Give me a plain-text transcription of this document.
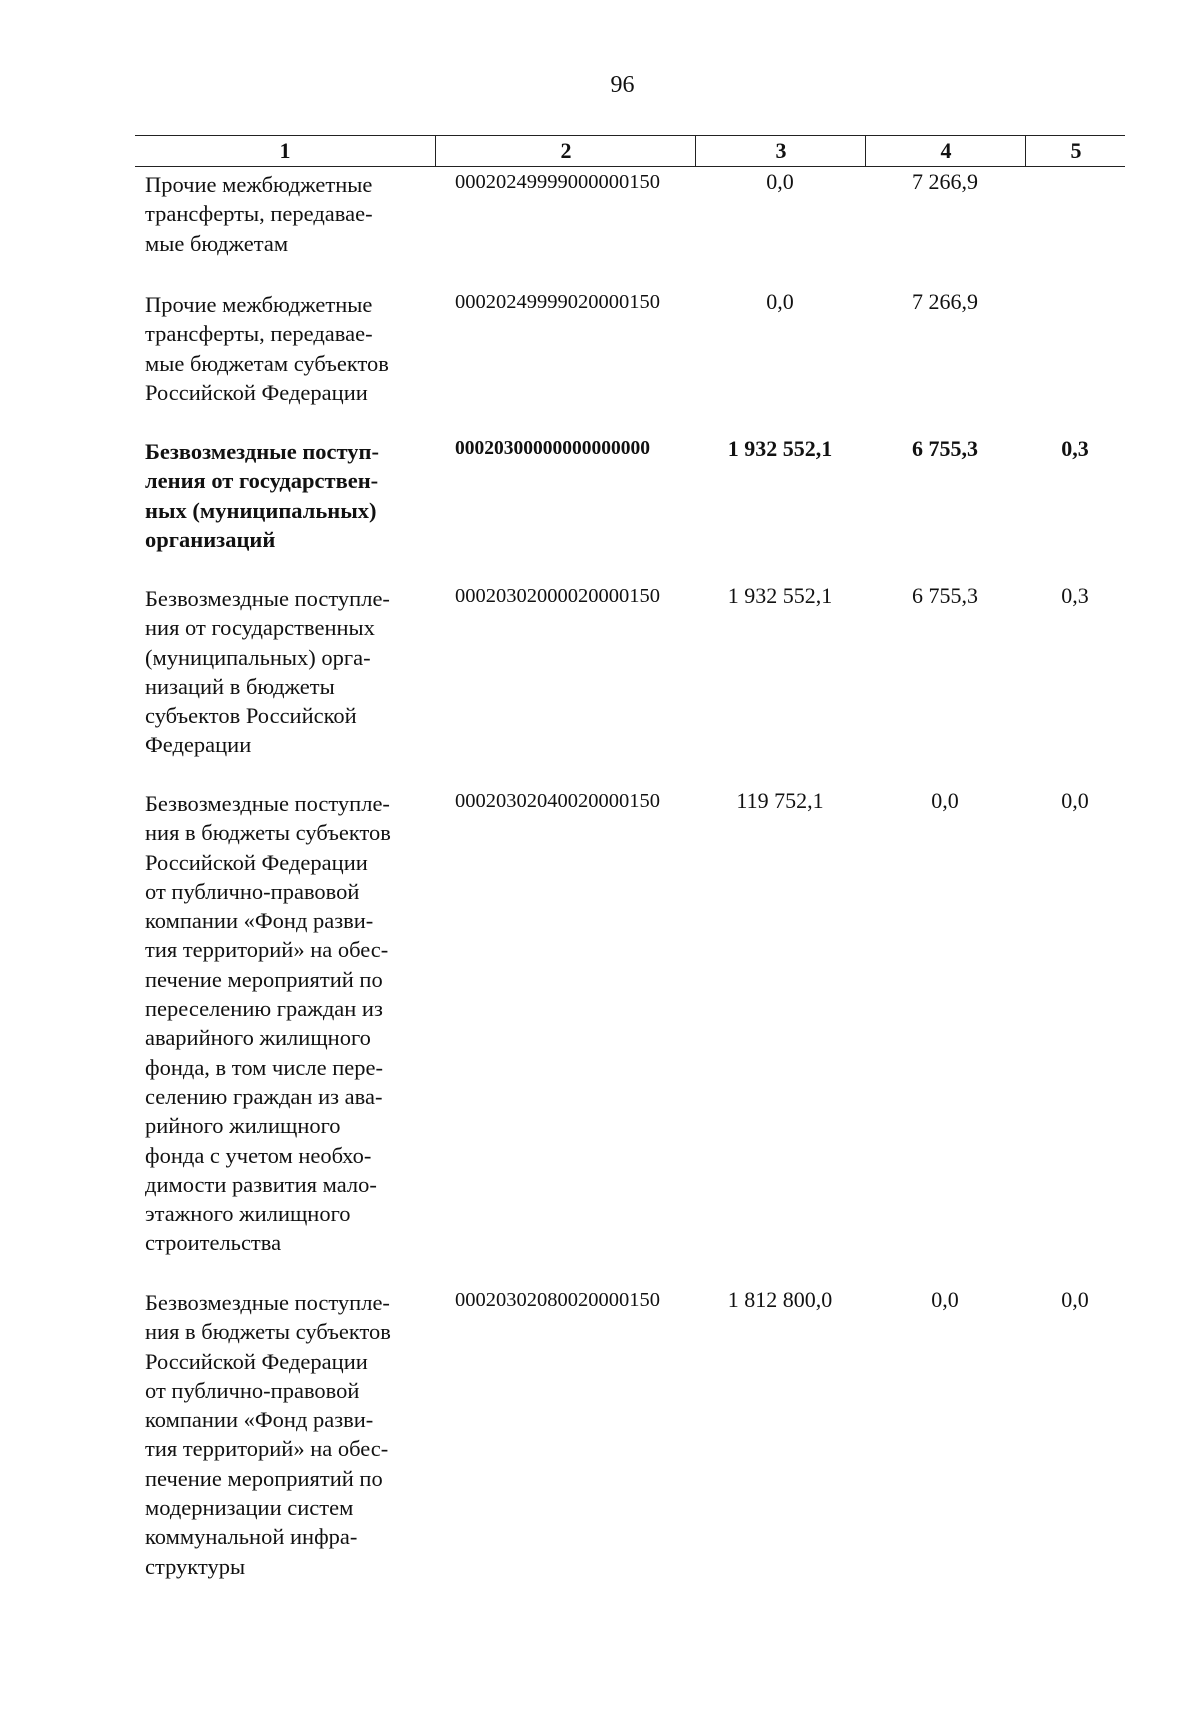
96
1	2	3	4	5
Прочие межбюджетные
трансферты, передавае-
мые бюджетам
00020249999000000150	0,0	7 266,9
Прочие межбюджетные
трансферты, передавае-
мые бюджетам субъектов
Российской Федерации
00020249999020000150	0,0	7 266,9
Безвозмездные поступ-
ления от государствен-
ных (муниципальных)
организаций
00020300000000000000	1 932 552,1	6 755,3	0,3
Безвозмездные поступле-
ния от государственных
(муниципальных) орга-
низаций в бюджеты
субъектов Российской
Федерации
00020302000020000150	1 932 552,1	6 755,3	0,3
Безвозмездные поступле-
ния в бюджеты субъектов
Российской Федерации
от публично-правовой
компании «Фонд разви-
тия территорий» на обес-
печение мероприятий по
переселению граждан из
аварийного жилищного
фонда, в том числе пере-
селению граждан из ава-
рийного жилищного
фонда с учетом необхо-
димости развития мало-
этажного жилищного
строительства
00020302040020000150	119 752,1	0,0	0,0
Безвозмездные поступле-
ния в бюджеты субъектов
Российской Федерации
от публично-правовой
компании «Фонд разви-
тия территорий» на обес-
печение мероприятий по
модернизации систем
коммунальной инфра-
структуры
00020302080020000150	1 812 800,0	0,0	0,0
